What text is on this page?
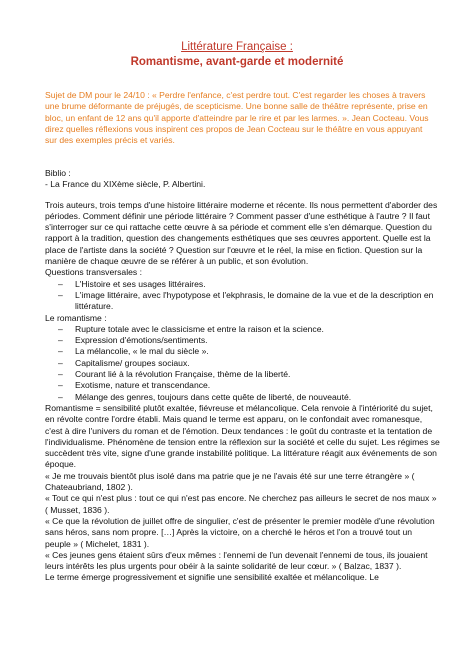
Littérature Française :
Romantisme, avant-garde et modernité

Sujet de DM pour le 24/10 : « Perdre l'enfance, c'est perdre tout. C'est regarder les choses à travers une brume déformante de préjugés, de scepticisme. Une bonne salle de théâtre représente, prise en bloc, un enfant de 12 ans qu'il apporte d'atteindre par le rire et par les larmes. ». Jean Cocteau. Vous direz quelles réflexions vous inspirent ces propos de Jean Cocteau sur le théâtre en vous appuyant sur des exemples précis et variés.

Biblio :
- La France du XIXème siècle, P. Albertini.

Trois auteurs, trois temps d'une histoire littéraire moderne et récente. Ils nous permettent d'aborder des périodes. Comment définir une période littéraire ? Comment passer d'une esthétique à l'autre ? Il faut s'interroger sur ce qui rattache cette œuvre à sa période et comment elle s'en démarque. Question du rapport à la tradition, question des changements esthétiques que ses œuvres apportent. Quelle est la place de l'artiste dans la société ? Question sur l'œuvre et le réel, la mise en fiction. Question sur la manière de chaque œuvre de se référer à un public, et son évolution.

Questions transversales :
– L'Histoire et ses usages littéraires.
– L'image littéraire, avec l'hypotypose et l'ekphrasis, le domaine de la vue et de la description en littérature.
Le romantisme :
– Rupture totale avec le classicisme et entre la raison et la science.
– Expression d'émotions/sentiments.
– La mélancolie, « le mal du siècle ».
– Capitalisme/ groupes sociaux.
– Courant lié à la révolution Française, thème de la liberté.
– Exotisme, nature et transcendance.
– Mélange des genres, toujours dans cette quête de liberté, de nouveauté.

Romantisme = sensibilité plutôt exaltée, fiévreuse et mélancolique. Cela renvoie à l'intériorité du sujet, en révolte contre l'ordre établi. Mais quand le terme est apparu, on le confondait avec romanesque, c'est à dire l'univers du roman et de l'émotion. Deux tendances : le goût du contraste et la tentation de l'individualisme. Phénomène de tension entre la réflexion sur la société et celle du sujet. Les régimes se succèdent très vite, signe d'une grande instabilité politique. La littérature réagit aux événements de son époque.

« Je me trouvais bientôt plus isolé dans ma patrie que je ne l'avais été sur une terre étrangère » ( Chateaubriand, 1802 ).

« Tout ce qui n'est plus : tout ce qui n'est pas encore. Ne cherchez pas ailleurs le secret de nos maux » ( Musset, 1836 ).

« Ce que la révolution de juillet offre de singulier, c'est de présenter le premier modèle d'une révolution sans héros, sans nom propre. […] Après la victoire, on a cherché le héros et l'on a trouvé tout un peuple » ( Michelet, 1831 ).

« Ces jeunes gens étaient sûrs d'eux mêmes : l'ennemi de l'un devenait l'ennemi de tous, ils jouaient leurs intérêts les plus urgents pour obéir à la sainte solidarité de leur cœur. » ( Balzac, 1837 ).

Le terme émerge progressivement et signifie une sensibilité exaltée et mélancolique. Le
